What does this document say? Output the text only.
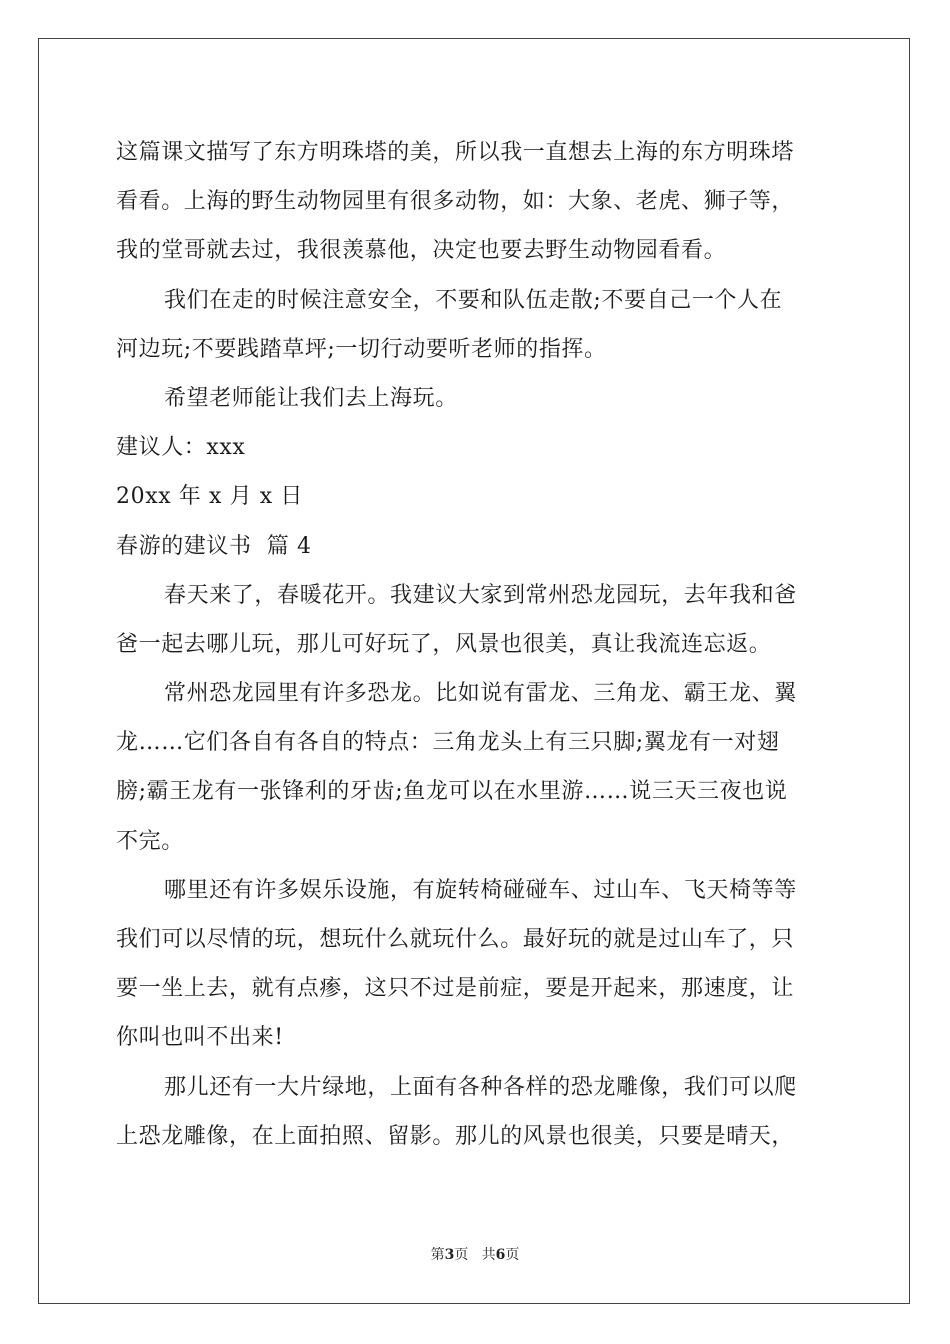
这篇课文描写了东方明珠塔的美，所以我一直想去上海的东方明珠塔
看看。上海的野生动物园里有很多动物，如：大象、老虎、狮子等，
我的堂哥就去过，我很羡慕他，决定也要去野生动物园看看。
我们在走的时候注意安全，不要和队伍走散;不要自己一个人在
河边玩;不要践踏草坪;一切行动要听老师的指挥。
希望老师能让我们去上海玩。
建议人：xxx
20xx 年 x 月 x 日
春游的建议书  篇 4
春天来了，春暖花开。我建议大家到常州恐龙园玩，去年我和爸
爸一起去哪儿玩，那儿可好玩了，风景也很美，真让我流连忘返。
常州恐龙园里有许多恐龙。比如说有雷龙、三角龙、霸王龙、翼
龙……它们各自有各自的特点：三角龙头上有三只脚;翼龙有一对翅
膀;霸王龙有一张锋利的牙齿;鱼龙可以在水里游……说三天三夜也说
不完。
哪里还有许多娱乐设施，有旋转椅碰碰车、过山车、飞天椅等等
我们可以尽情的玩，想玩什么就玩什么。最好玩的就是过山车了，只
要一坐上去，就有点瘆，这只不过是前症，要是开起来，那速度，让
你叫也叫不出来!
那儿还有一大片绿地，上面有各种各样的恐龙雕像，我们可以爬
上恐龙雕像，在上面拍照、留影。那儿的风景也很美，只要是晴天，
第3页   共6页
